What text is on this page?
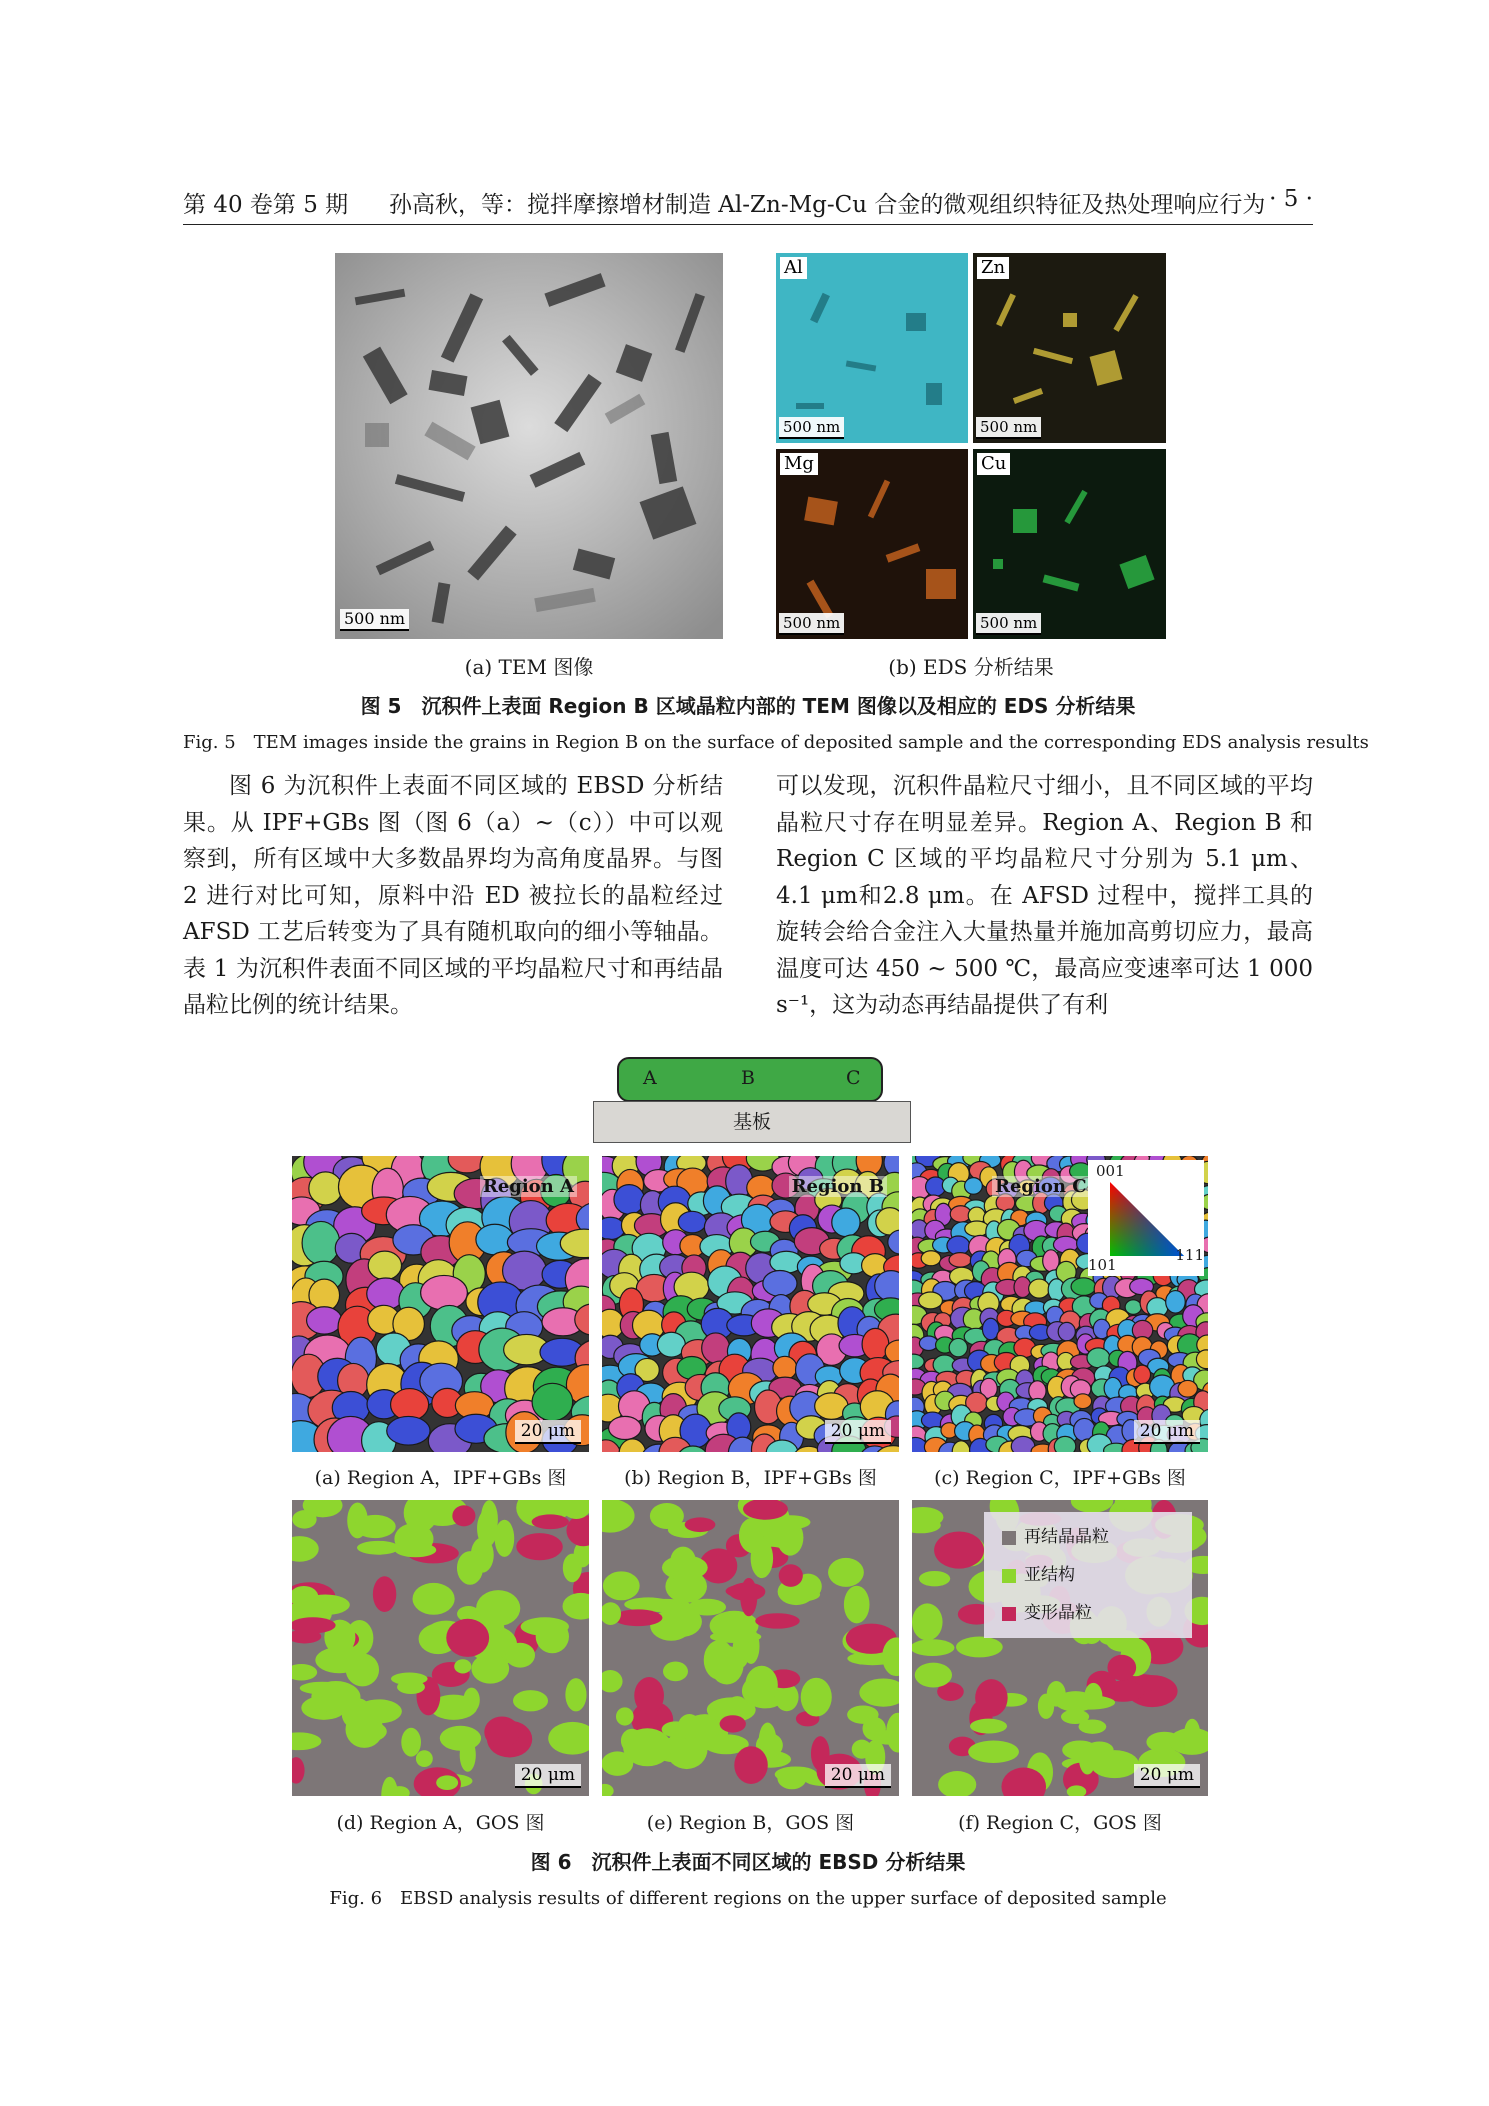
第 40 卷第 5 期 孙高秋，等：搅拌摩擦增材制造 Al-Zn-Mg-Cu 合金的微观组织特征及热处理响应行为 · 5 ·
500 nm
Al
500 nm
Zn
500 nm
Mg
500 nm
Cu
500 nm
(a) TEM 图像	(b) EDS 分析结果
图 5　沉积件上表面 Region B 区域晶粒内部的 TEM 图像以及相应的 EDS 分析结果
Fig. 5　TEM images inside the grains in Region B on the surface of deposited sample and the corresponding EDS analysis results

图 6 为沉积件上表面不同区域的 EBSD 分析结果。从 IPF+GBs 图（图 6（a）~（c））中可以观察到，所有区域中大多数晶界均为高角度晶界。与图 2 进行对比可知，原料中沿 ED 被拉长的晶粒经过 AFSD 工艺后转变为了具有随机取向的细小等轴晶。表 1 为沉积件表面不同区域的平均晶粒尺寸和再结晶晶粒比例的统计结果。

可以发现，沉积件晶粒尺寸细小，且不同区域的平均晶粒尺寸存在明显差异。Region A、Region B 和 Region C 区域的平均晶粒尺寸分别为 5.1 μm、4.1 μm和2.8 μm。在 AFSD 过程中，搅拌工具的旋转会给合金注入大量热量并施加高剪切应力，最高温度可达 450 ~ 500 ℃，最高应变速率可达 1 000 s⁻¹，这为动态再结晶提供了有利

A	B	C
基板
Region A
20 μm
Region B
20 μm
Region C
001
101
111
20 μm
(a) Region A，IPF+GBs 图	(b) Region B，IPF+GBs 图	(c) Region C，IPF+GBs 图
20 μm	20 μm
再结晶晶粒
亚结构
变形晶粒
20 μm
(d) Region A，GOS 图	(e) Region B，GOS 图	(f) Region C，GOS 图
图 6　沉积件上表面不同区域的 EBSD 分析结果
Fig. 6　EBSD analysis results of different regions on the upper surface of deposited sample
